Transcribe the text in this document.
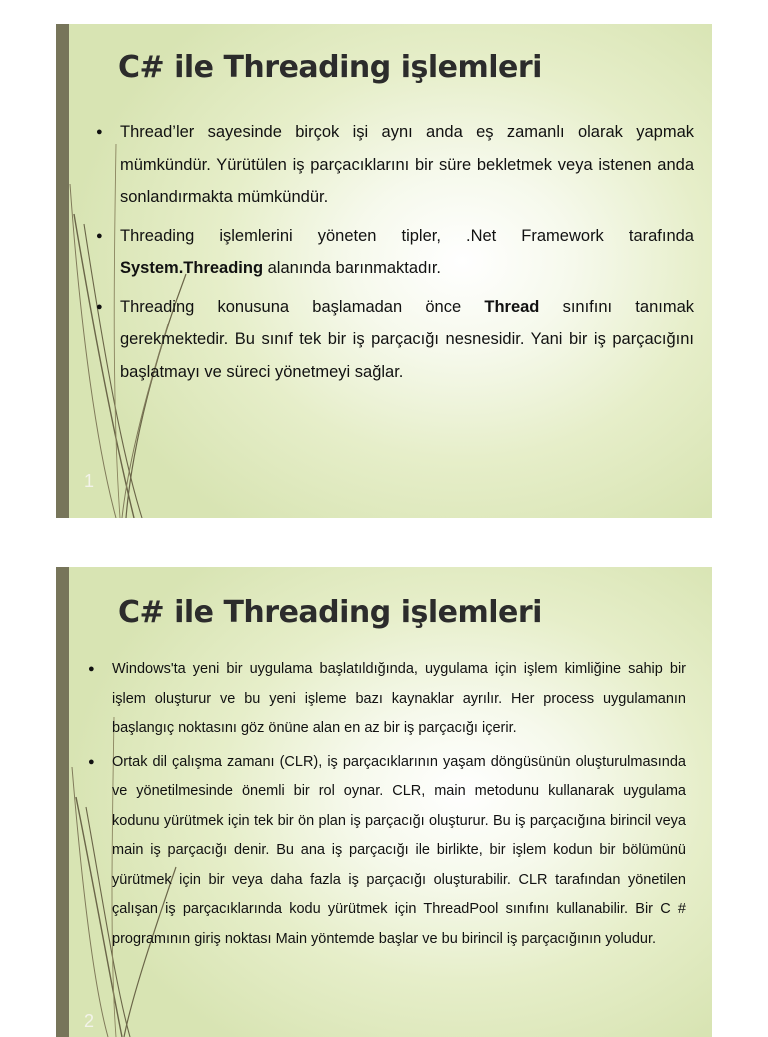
C# ile Threading işlemleri
● Thread’ler sayesinde birçok işi aynı anda eş zamanlı olarak yapmak mümkündür. Yürütülen iş parçacıklarını bir süre bekletmek veya istenen anda sonlandırmakta mümkündür.
● Threading işlemlerini yöneten tipler, .Net Framework tarafında System.Threading alanında barınmaktadır.
● Threading konusuna başlamadan önce Thread sınıfını tanımak gerekmektedir. Bu sınıf tek bir iş parçacığı nesnesidir. Yani bir iş parçacığını başlatmayı ve süreci yönetmeyi sağlar.
1
C# ile Threading işlemleri
● Windows'ta yeni bir uygulama başlatıldığında, uygulama için işlem kimliğine sahip bir işlem oluşturur ve bu yeni işleme bazı kaynaklar ayrılır. Her process uygulamanın başlangıç noktasını göz önüne alan en az bir iş parçacığı içerir.
● Ortak dil çalışma zamanı (CLR), iş parçacıklarının yaşam döngüsünün oluşturulmasında ve yönetilmesinde önemli bir rol oynar. CLR, main metodunu kullanarak uygulama kodunu yürütmek için tek bir ön plan iş parçacığı oluşturur. Bu iş parçacığına birincil veya main iş parçacığı denir. Bu ana iş parçacığı ile birlikte, bir işlem kodun bir bölümünü yürütmek için bir veya daha fazla iş parçacığı oluşturabilir. CLR tarafından yönetilen çalışan iş parçacıklarında kodu yürütmek için ThreadPool sınıfını kullanabilir. Bir C # programının giriş noktası Main yöntemde başlar ve bu birincil iş parçacığının yoludur.
2
